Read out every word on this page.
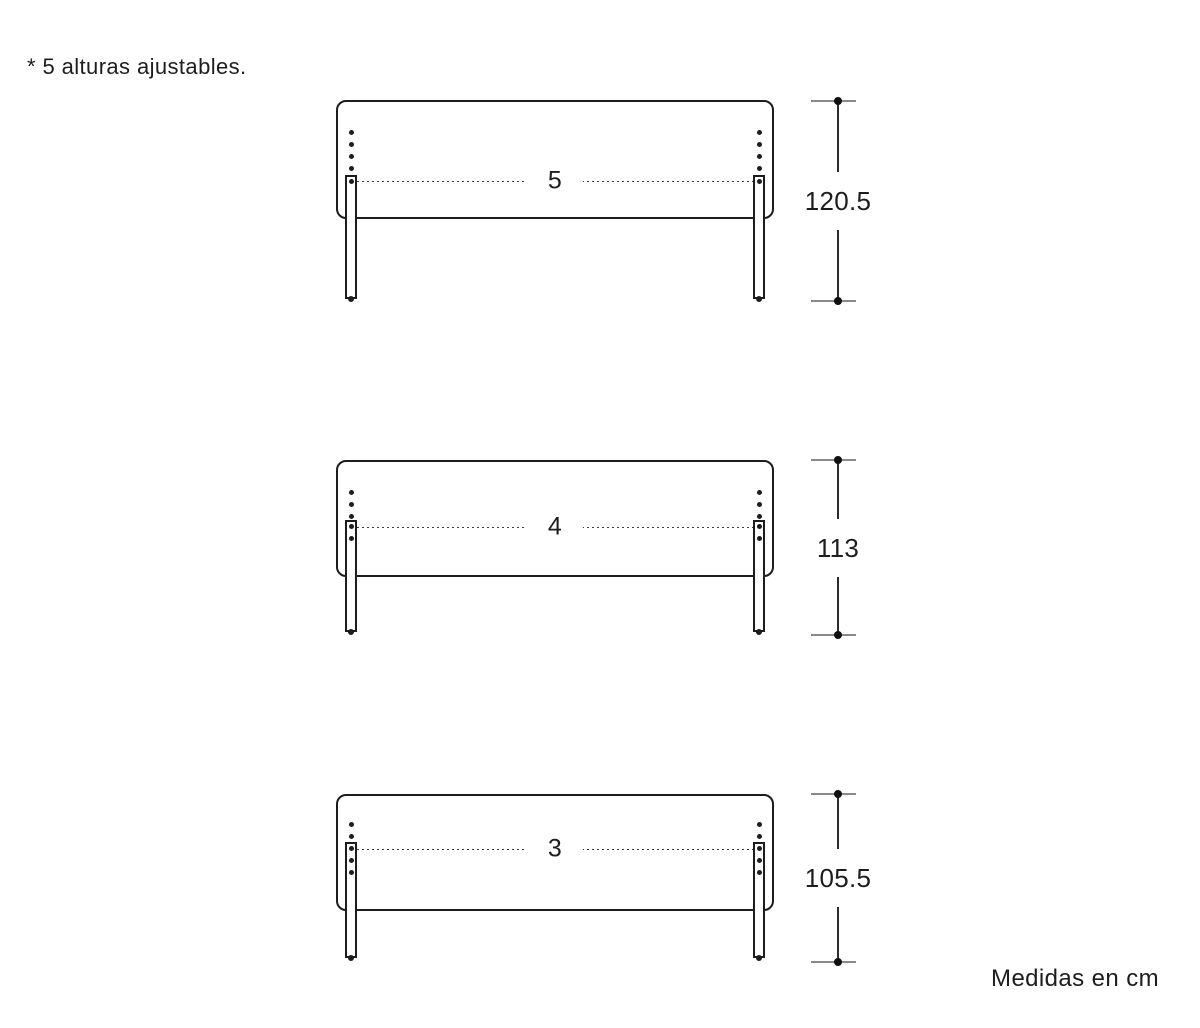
* 5 alturas ajustables.
5
120.5
4
113
3
105.5
Medidas en cm
